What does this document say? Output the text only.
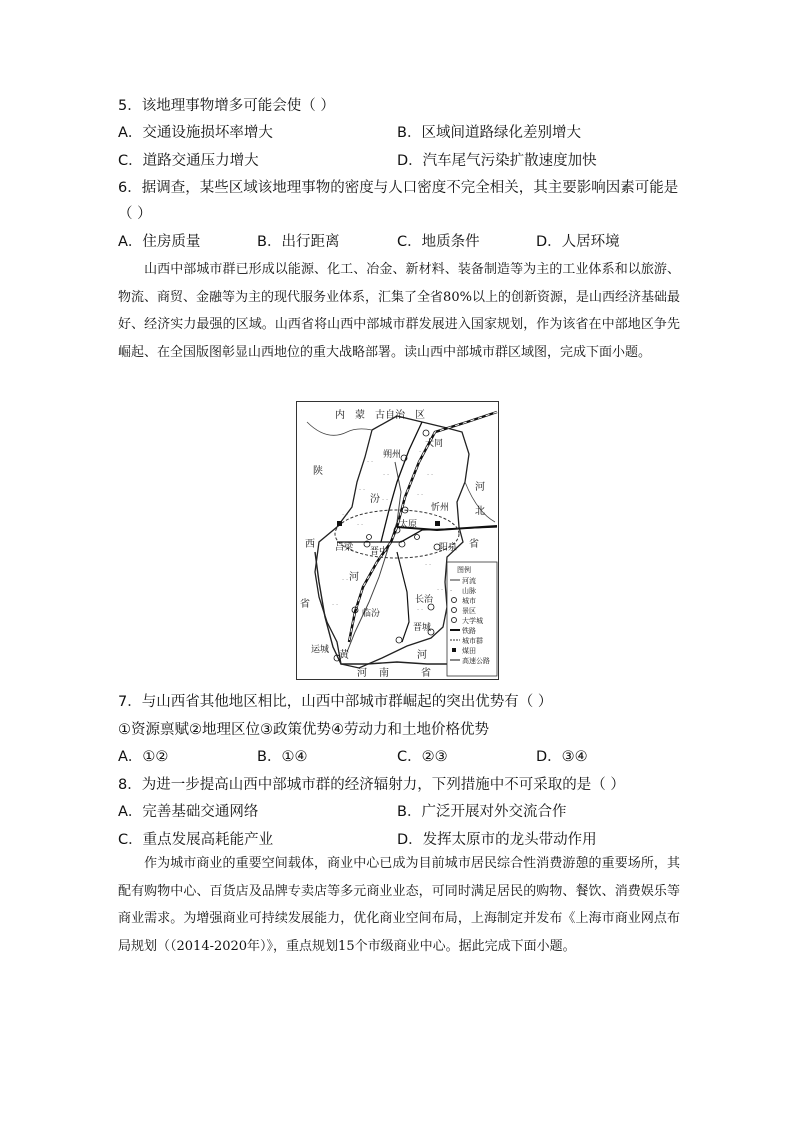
5．该地理事物增多可能会使（ ）
A．交通设施损坏率增大	B．区域间道路绿化差别增大
C．道路交通压力增大	D．汽车尾气污染扩散速度加快
6．据调查，某些区域该地理事物的密度与人口密度不完全相关，其主要影响因素可能是
（ ）
A．住房质量	B．出行距离	C．地质条件	D．人居环境
山西中部城市群已形成以能源、化工、冶金、新材料、装备制造等为主的工业体系和以旅游、物流、商贸、金融等为主的现代服务业体系，汇集了全省80%以上的创新资源，是山西经济基础最好、经济实力最强的区域。山西省将山西中部城市群发展进入国家规划，作为该省在中部地区争先崛起、在全国版图彰显山西地位的重大战略部署。读山西中部城市群区域图，完成下面小题。
ᐧ ᐧ
ᐧ ᐧ
ᐧ ᐧ
ᐧ ᐧ
ᐧ ᐧ
ᐧ ᐧ
ᐧ ᐧ
ᐧ ᐧ
ᐧ ᐧ
ᐧ ᐧ
ᐧ ᐧ
ᐧ ᐧ
ᐧ ᐧ
ᐧ ᐧ
内　蒙　古自治　区
陕
西
省
河
北
省
汾
河
黄
河 南
河
省
大同
朔州
忻州
太原
吕梁 晋中	阳泉
临汾
长治
晋城
运城
图例
河流
ᐧ 山脉
城市
景区
大学城
铁路
城市群
煤田
高速公路
7．与山西省其他地区相比，山西中部城市群崛起的突出优势有（ ）
①资源禀赋②地理区位③政策优势④劳动力和土地价格优势
A．①②	B．①④	C．②③	D．③④
8．为进一步提高山西中部城市群的经济辐射力，下列措施中不可采取的是（ ）
A．完善基础交通网络	B．广泛开展对外交流合作
C．重点发展高耗能产业	D．发挥太原市的龙头带动作用
作为城市商业的重要空间载体，商业中心已成为目前城市居民综合性消费游憩的重要场所，其配有购物中心、百货店及品牌专卖店等多元商业业态，可同时满足居民的购物、餐饮、消费娱乐等商业需求。为增强商业可持续发展能力，优化商业空间布局，上海制定并发布《上海市商业网点布局规划（（2014-2020年）》，重点规划15个市级商业中心。据此完成下面小题。
